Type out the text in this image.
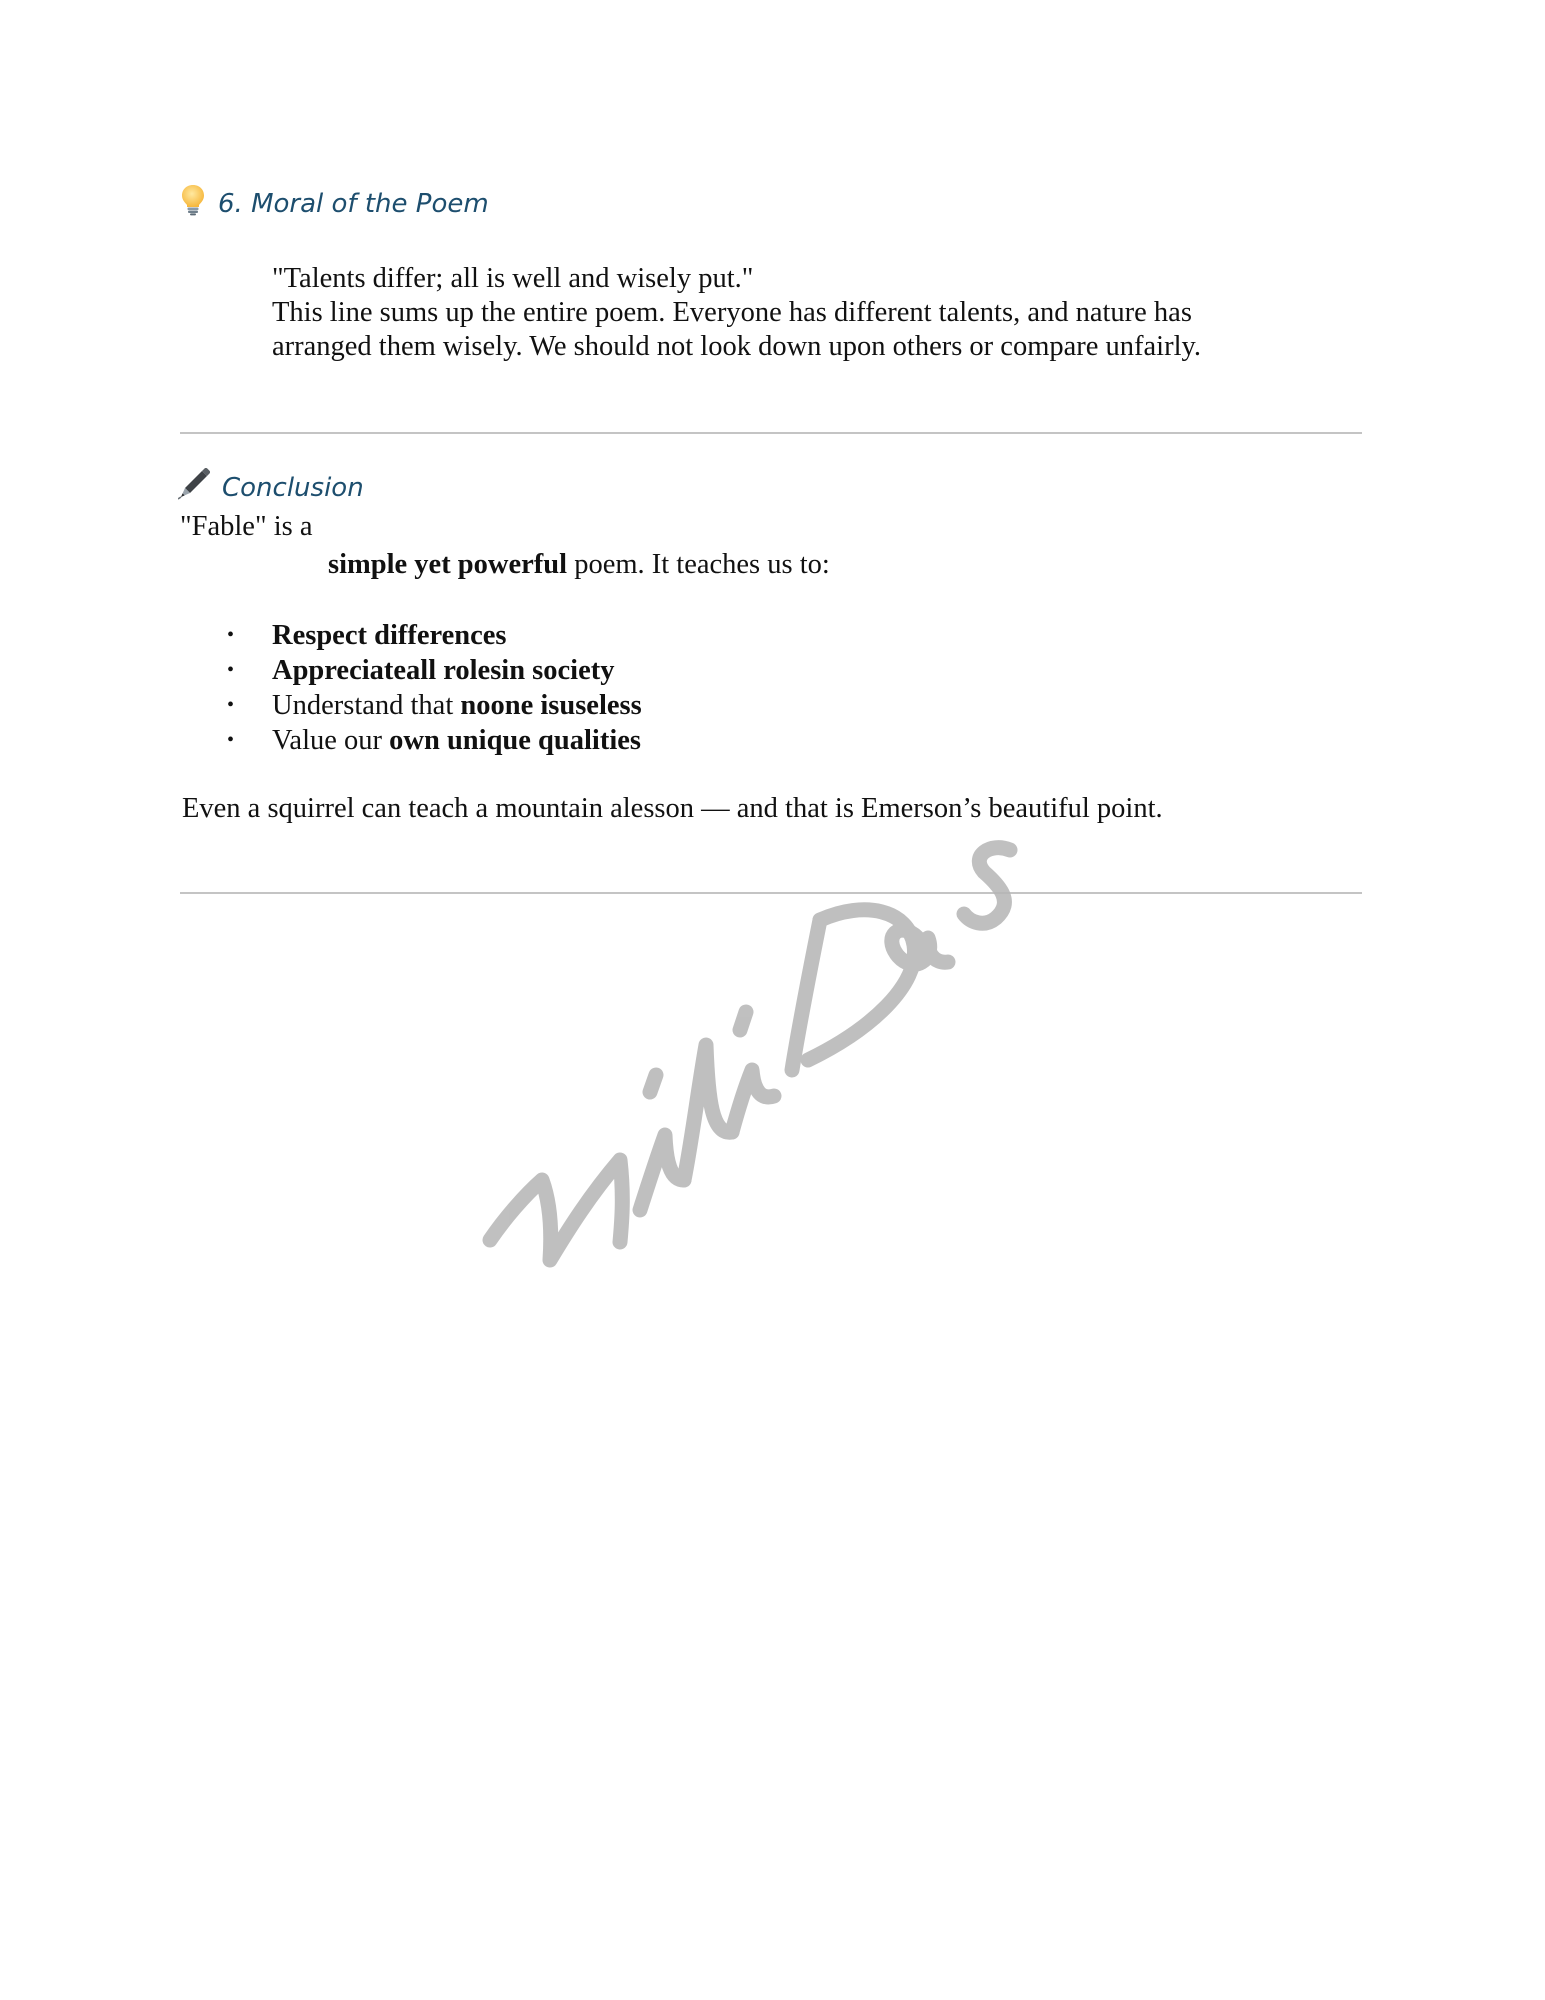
6. Moral of the Poem

"Talents differ; all is well and wisely put."

This line sums up the entire poem. Everyone has different talents, and nature has

arranged them wisely. We should not look down upon others or compare unfairly.

Conclusion
"Fable" is a
simple yet powerful poem. It teaches us to:
• Respect differences
• Appreciateall rolesin society
• Understand that noone isuseless
• Value our own unique qualities
Even a squirrel can teach a mountain alesson — and that is Emerson’s beautiful point.
